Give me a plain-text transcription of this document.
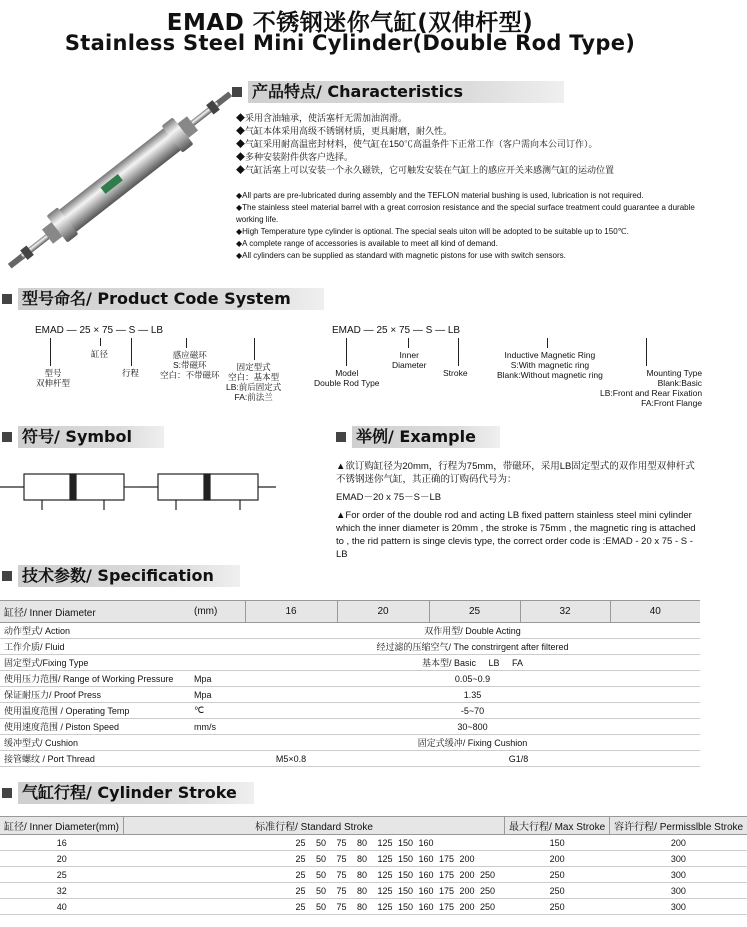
EMAD 不锈钢迷你气缸(双伸杆型)
Stainless Steel Mini Cylinder(Double Rod Type)
产品特点/ Characteristics
◆采用含油轴承，使活塞杆无需加油润滑。
◆气缸本体采用高级不锈钢材质，更具耐磨，耐久性。
◆气缸采用耐高温密封材料，使气缸在150℃高温条件下正常工作（客户需向本公司订作）。
◆多种安装附件供客户选择。
◆气缸活塞上可以安装一个永久磁铁，它可触发安装在气缸上的感应开关来感测气缸的运动位置
◆All parts are pre-lubricated during assembly and the TEFLON material bushing is used, lubrication is not required.
◆The stainless steel material barrel with a great corrosion resistance and the special surface treatment could guarantee a durable working life.
◆High Temperature type cylinder is optional. The special seals uiton will be adopted to be suitable up to 150℃.
◆A complete range of accessories is available to meet all kind of demand.
◆All cylinders can be supplied as standard with magnetic pistons for use with switch sensors.
型号命名/ Product Code System
EMAD — 25 × 75 — S — LB
型号
双伸杆型
缸径
行程
感应磁环
S:带磁环
空白：不带磁环
固定型式
空白：基本型
LB:前后固定式
FA:前法兰
EMAD — 25 × 75 — S — LB
Model
Double Rod Type
Inner
Diameter
Stroke
Inductive Magnetic Ring
S:With magnetic ring
Blank:Without magnetic ring	Mounting Type
Blank:Basic
LB:Front and Rear Fixation
FA:Front Flange
符号/ Symbol	举例/ Example

▲欲订购缸径为20mm，行程为75mm，带磁环，采用LB固定型式的双作用型双伸杆式不锈钢迷你气缸，其正确的订购码代号为：

EMAD－20 x 75－S－LB

▲For order of the double rod and acting LB fixed pattern stainless steel mini cylinder which the inner diameter is 20mm , the stroke is 75mm , the magnetic ring is attached to , the rid pattern is singe clevis type, the correct order code is :EMAD - 20 x 75 - S - LB

技术参数/ Specification
缸径/ Inner Diameter	(mm)	16	20	25	32	40
动作型式/ Action		双作用型/ Double Acting				
工作介质/ Fluid		经过滤的压缩空气/ The constrirgent after filtered				
固定型式/Fixing Type		基本型/ Basic     LB     FA				
使用压力范围/ Range of Working Pressure	Mpa	0.05~0.9				
保证耐压力/ Proof Press	Mpa	1.35				
使用温度范围 / Operating Temp	℃	-5~70				
使用速度范围 / Piston Speed	mm/s	30~800				
缓冲型式/ Cushion		固定式缓冲/ Fixing Cushion				
接管螺纹 / Port Thread		M5×0.8	G1/8			
气缸行程/ Cylinder Stroke
缸径/ Inner Diameter(mm)	标准行程/ Standard Stroke	最大行程/ Max Stroke	容许行程/ Permisslble Stroke
16	25 50 75 80 125 150 160	150	200
20	25 50 75 80 125 150 160 175 200	200	300
25	25 50 75 80 125 150 160 175 200 250	250	300
32	25 50 75 80 125 150 160 175 200 250	250	300
40	25 50 75 80 125 150 160 175 200 250	250	300
